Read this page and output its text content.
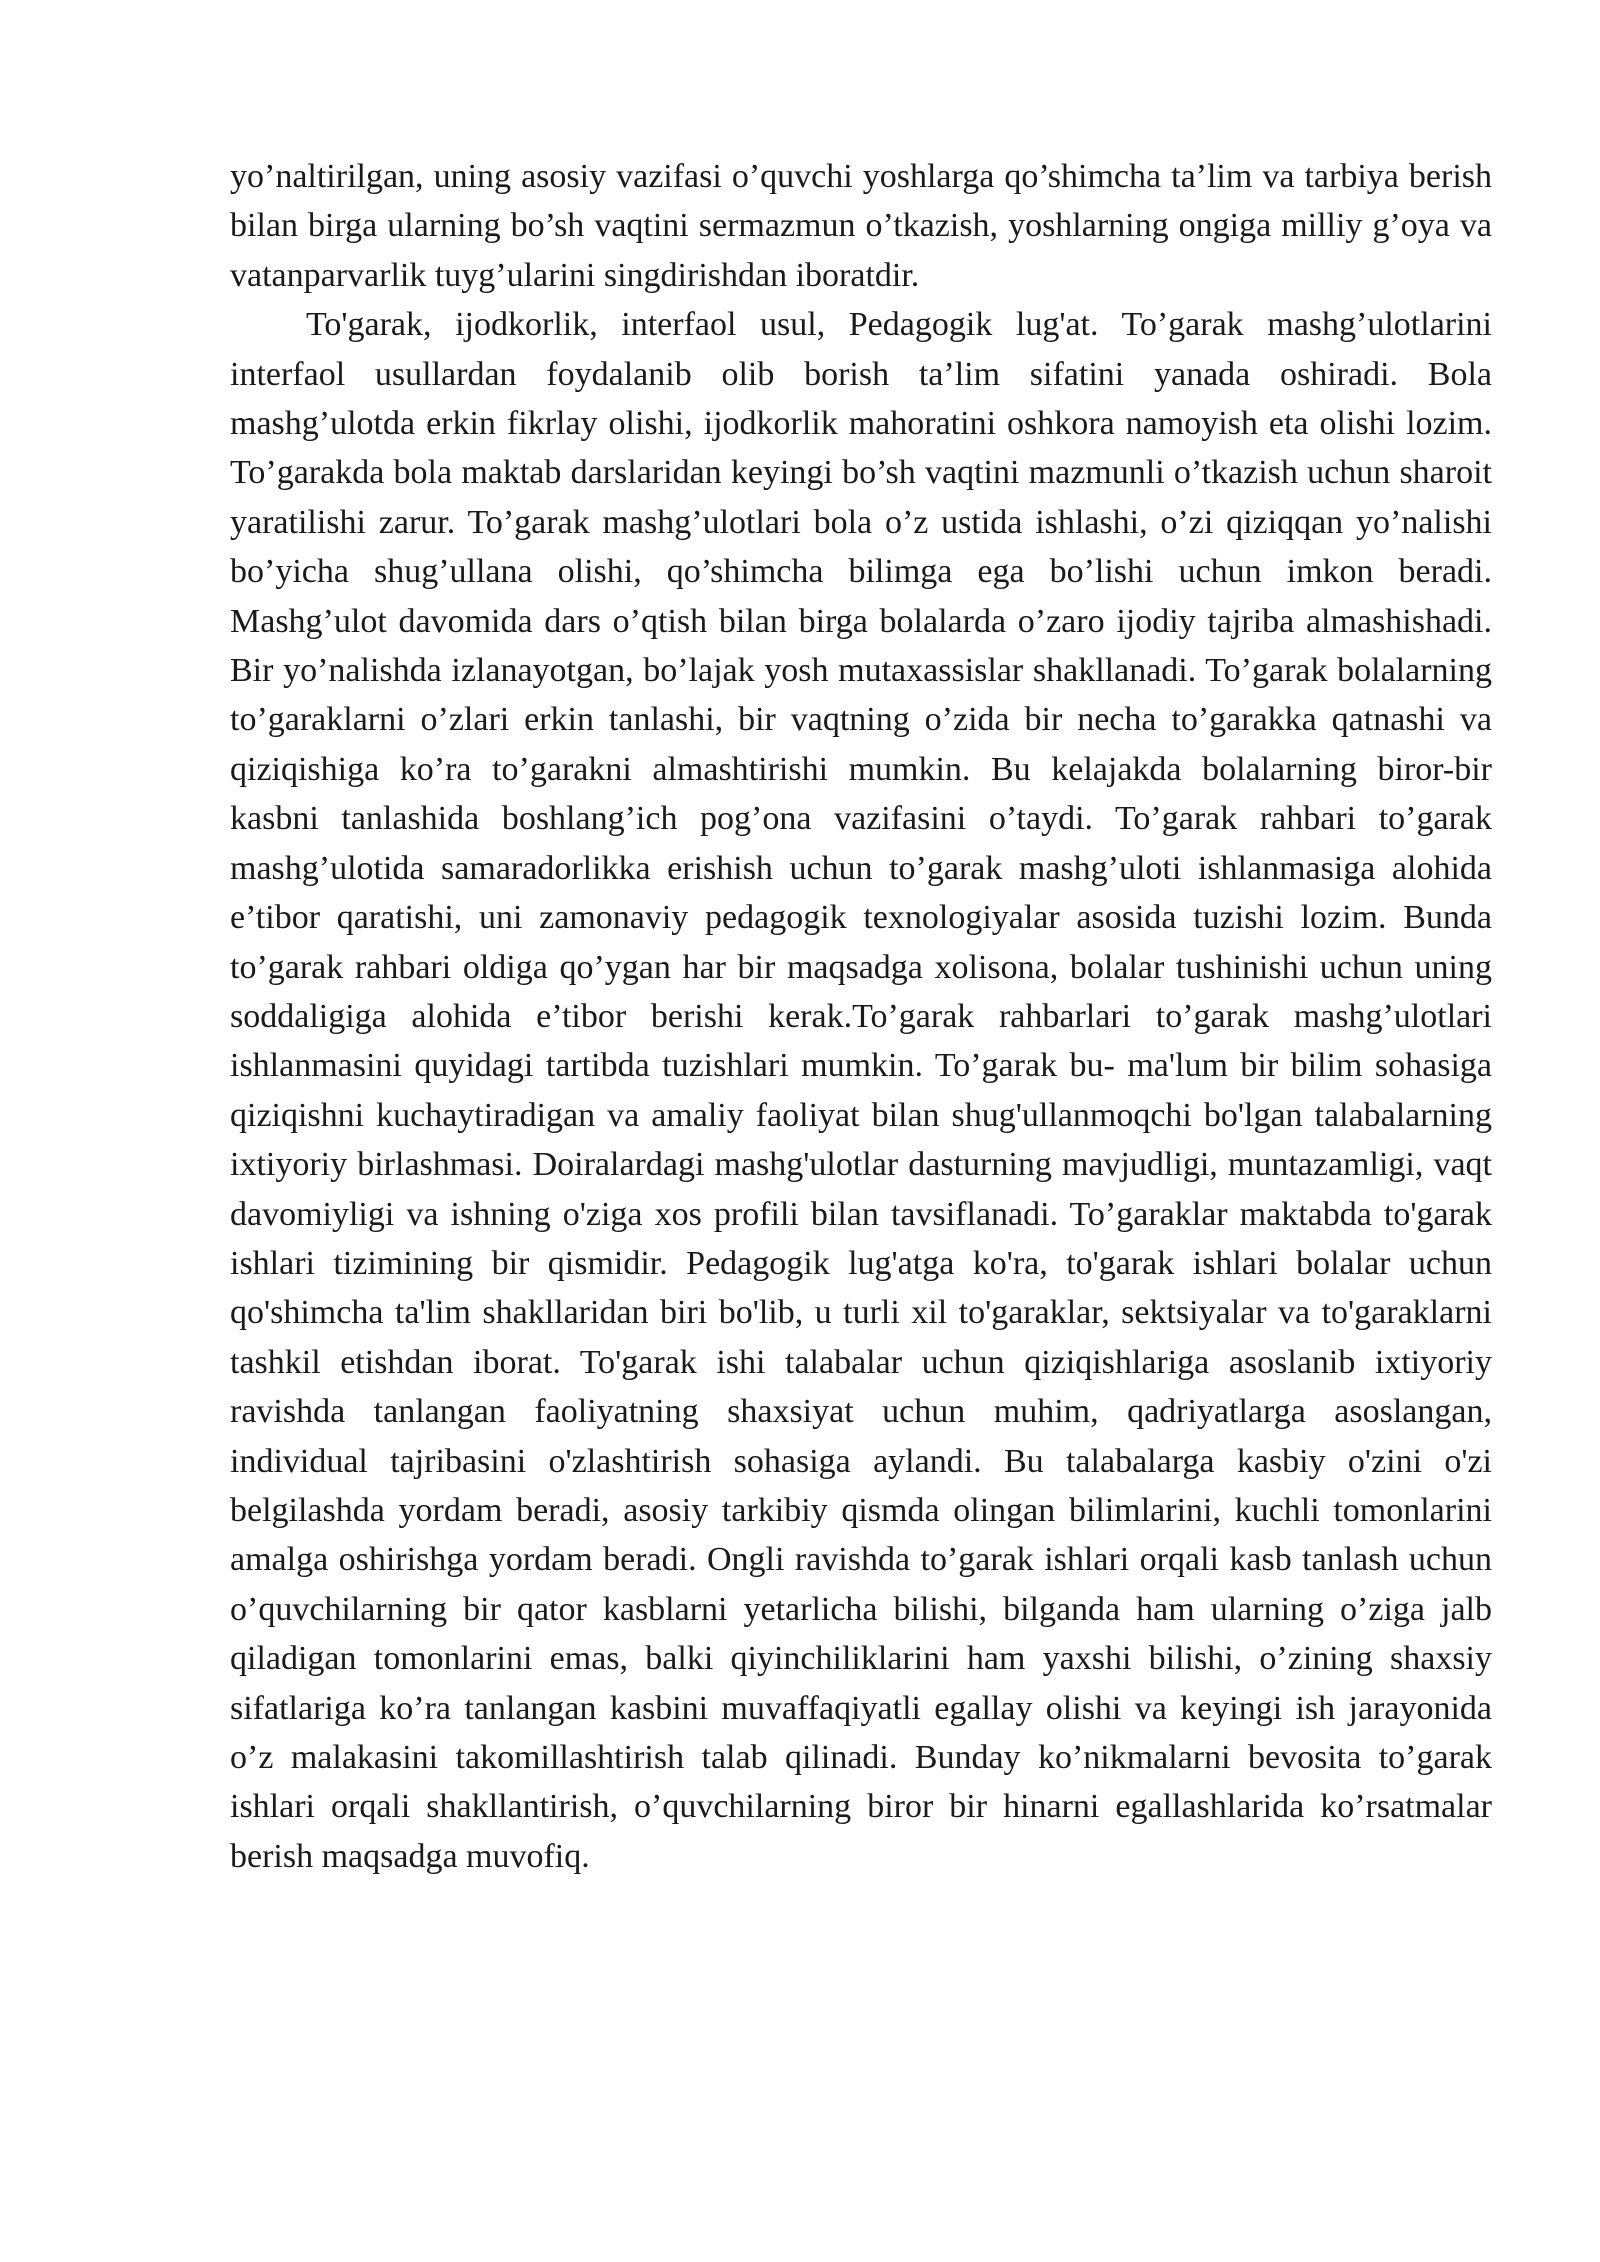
yo’naltirilgan, uning asosiy vazifasi o’quvchi yoshlarga qo’shimcha ta’lim va tarbiya berish bilan birga ularning bo’sh vaqtini sermazmun o’tkazish, yoshlarning ongiga milliy g’oya va vatanparvarlik tuyg’ularini singdirishdan iboratdir.

To'garak, ijodkorlik, interfaol usul, Pedagogik lug'at. To’garak mashg’ulotlarini interfaol usullardan foydalanib olib borish ta’lim sifatini yanada oshiradi. Bola mashg’ulotda erkin fikrlay olishi, ijodkorlik mahoratini oshkora namoyish eta olishi lozim. To’garakda bola maktab darslaridan keyingi bo’sh vaqtini mazmunli o’tkazish uchun sharoit yaratilishi zarur. To’garak mashg’ulotlari bola o’z ustida ishlashi, o’zi qiziqqan yo’nalishi bo’yicha shug’ullana olishi, qo’shimcha bilimga ega bo’lishi uchun imkon beradi. Mashg’ulot davomida dars o’qtish bilan birga bolalarda o’zaro ijodiy tajriba almashishadi. Bir yo’nalishda izlanayotgan, bo’lajak yosh mutaxassislar shakllanadi. To’garak bolalarning to’garaklarni o’zlari erkin tanlashi, bir vaqtning o’zida bir necha to’garakka qatnashi va qiziqishiga ko’ra to’garakni almashtirishi mumkin. Bu kelajakda bolalarning biror-bir kasbni tanlashida boshlang’ich pog’ona vazifasini o’taydi. To’garak rahbari to’garak mashg’ulotida samaradorlikka erishish uchun to’garak mashg’uloti ishlanmasiga alohida e’tibor qaratishi, uni zamonaviy pedagogik texnologiyalar asosida tuzishi lozim. Bunda to’garak rahbari oldiga qo’ygan har bir maqsadga xolisona, bolalar tushinishi uchun uning soddaligiga alohida e’tibor berishi kerak.To’garak rahbarlari to’garak mashg’ulotlari ishlanmasini quyidagi tartibda tuzishlari mumkin. To’garak bu- ma'lum bir bilim sohasiga qiziqishni kuchaytiradigan va amaliy faoliyat bilan shug'ullanmoqchi bo'lgan talabalarning ixtiyoriy birlashmasi. Doiralardagi mashg'ulotlar dasturning mavjudligi, muntazamligi, vaqt davomiyligi va ishning o'ziga xos profili bilan tavsiflanadi. To’garaklar maktabda to'garak ishlari tizimining bir qismidir. Pedagogik lug'atga ko'ra, to'garak ishlari bolalar uchun qo'shimcha ta'lim shakllaridan biri bo'lib, u turli xil to'garaklar, sektsiyalar va to'garaklarni tashkil etishdan iborat. To'garak ishi talabalar uchun qiziqishlariga asoslanib ixtiyoriy ravishda tanlangan faoliyatning shaxsiyat uchun muhim, qadriyatlarga asoslangan, individual tajribasini o'zlashtirish sohasiga aylandi. Bu talabalarga kasbiy o'zini o'zi belgilashda yordam beradi, asosiy tarkibiy qismda olingan bilimlarini, kuchli tomonlarini amalga oshirishga yordam beradi. Ongli ravishda to’garak ishlari orqali kasb tanlash uchun o’quvchilarning bir qator kasblarni yetarlicha bilishi, bilganda ham ularning o’ziga jalb qiladigan tomonlarini emas, balki qiyinchiliklarini ham yaxshi bilishi, o’zining shaxsiy sifatlariga ko’ra tanlangan kasbini muvaffaqiyatli egallay olishi va keyingi ish jarayonida o’z malakasini takomillashtirish talab qilinadi. Bunday ko’nikmalarni bevosita to’garak ishlari orqali shakllantirish, o’quvchilarning biror bir hinarni egallashlarida ko’rsatmalar berish maqsadga muvofiq.
